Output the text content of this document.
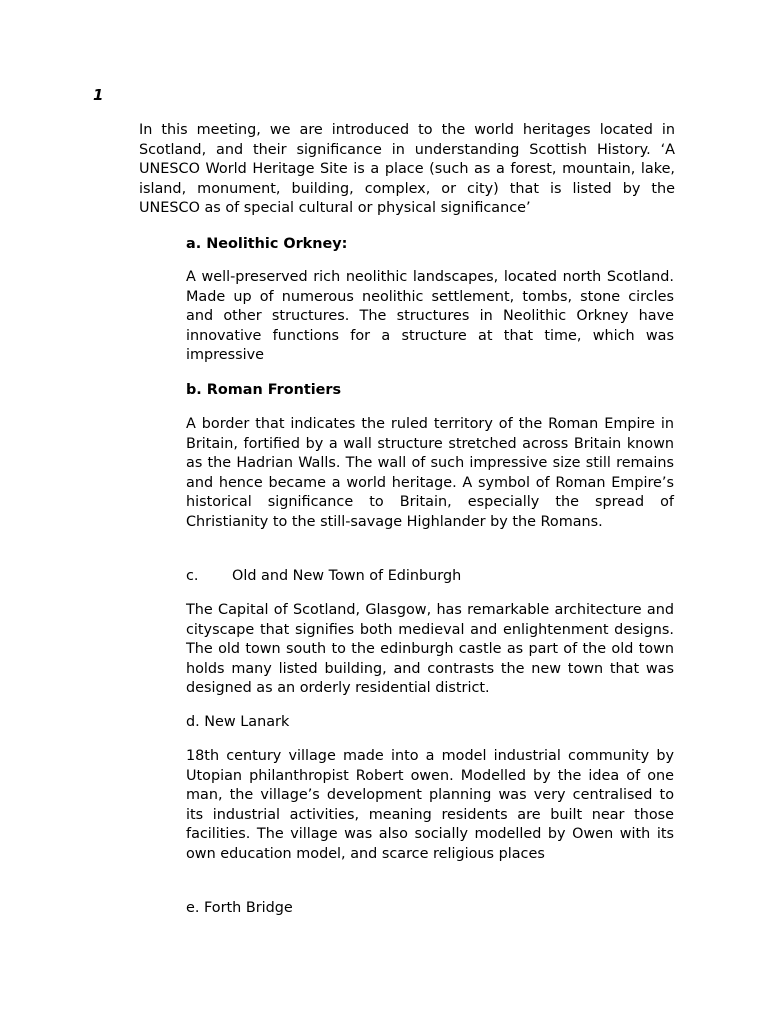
1

In this meeting, we are introduced to the world heritages located in Scotland, and their significance in understanding Scottish History. ‘A UNESCO World Heritage Site is a place (such as a forest, mountain, lake, island, monument, building, complex, or city) that is listed by the UNESCO as of special cultural or physical significance’

a. Neolithic Orkney:

A well-preserved rich neolithic landscapes, located north Scotland. Made up of numerous neolithic settlement, tombs, stone circles and other structures. The structures in Neolithic Orkney have innovative functions for a structure at that time, which was impressive

b. Roman Frontiers

A border that indicates the ruled territory of the Roman Empire in Britain, fortified by a wall structure stretched across Britain known as the Hadrian Walls. The wall of such impressive size still remains and hence became a world heritage. A symbol of Roman Empire’s historical significance to Britain, especially the spread of Christianity to the still-savage Highlander by the Romans.

c. Old and New Town of Edinburgh

The Capital of Scotland, Glasgow, has remarkable architecture and cityscape that signifies both medieval and enlightenment designs. The old town south to the edinburgh castle as part of the old town holds many listed building, and contrasts the new town that was designed as an orderly residential district.

d. New Lanark

18th century village made into a model industrial community by Utopian philanthropist Robert owen. Modelled by the idea of one man, the village’s development planning was very centralised to its industrial activities, meaning residents are built near those facilities. The village was also socially modelled by Owen with its own education model, and scarce religious places

e. Forth Bridge
